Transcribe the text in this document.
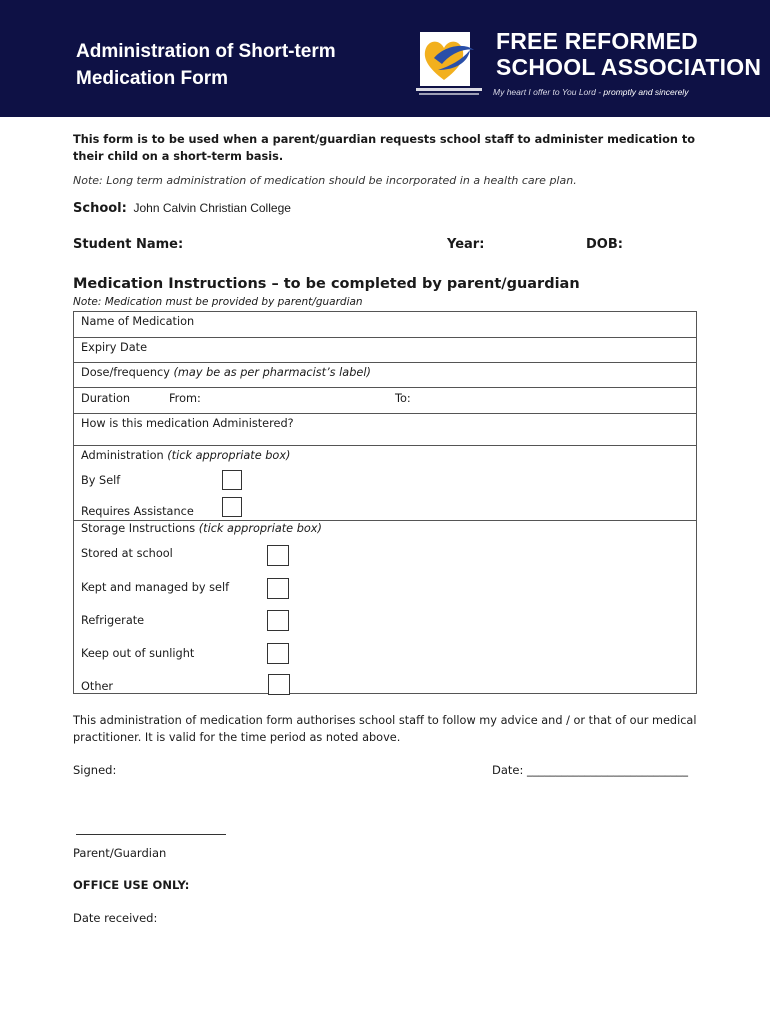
Administration of Short-term
Medication Form
FREE REFORMED
SCHOOL ASSOCIATION
My heart I offer to You Lord - promptly and sincerely
This form is to be used when a parent/guardian requests school staff to administer medication to their child on a short-term basis.
Note: Long term administration of medication should be incorporated in a health care plan.
School: John Calvin Christian College
Student Name:	Year:	DOB:
Medication Instructions – to be completed by parent/guardian
Note: Medication must be provided by parent/guardian
Name of Medication
Expiry Date
Dose/frequency (may be as per pharmacist’s label)
Duration	From:	To:
How is this medication Administered?
Administration (tick appropriate box)
By Self
Requires Assistance
Storage Instructions (tick appropriate box)
Stored at school
Kept and managed by self
Refrigerate
Keep out of sunlight
Other
This administration of medication form authorises school staff to follow my advice and / or that of our medical practitioner. It is valid for the time period as noted above.
Signed:	Date: ____________________________
Parent/Guardian
OFFICE USE ONLY:
Date received:
